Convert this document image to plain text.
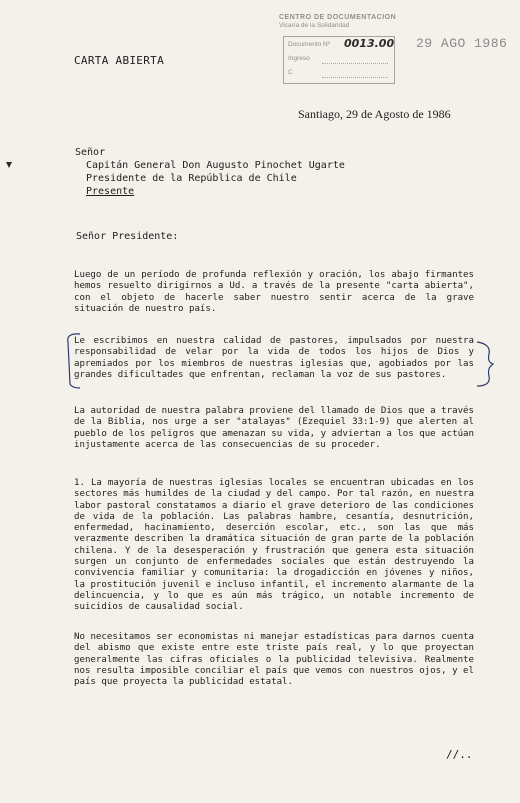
CARTA ABIERTA
CENTRO DE DOCUMENTACION
Vicaría de la Solidaridad
Documento Nº 0013.00
Ingreso
C
29 AGO 1986
Santiago, 29 de Agosto de 1986
Señor
Capitán General Don Augusto Pinochet Ugarte
Presidente de la República de Chile
Presente
Señor Presidente:

Luego de un período de profunda reflexión y oración, los abajo firmantes hemos resuelto dirigirnos a Ud. a través de la presente "carta abierta", con el objeto de hacerle saber nuestro sentir acerca de la grave situación de nuestro país.

Le escribimos en nuestra calidad de pastores, impulsados por nuestra responsabilidad de velar por la vida de todos los hijos de Dios y apremiados por los miembros de nuestras iglesias que, agobiados por las grandes dificultades que enfrentan, reclaman la voz de sus pastores.

La autoridad de nuestra palabra proviene del llamado de Dios que a través de la Biblia, nos urge a ser "atalayas" (Ezequiel 33:1-9) que alerten al pueblo de los peligros que amenazan su vida, y adviertan a los que actúan injustamente acerca de las consecuencias de su proceder.

1. La mayoría de nuestras iglesias locales se encuentran ubicadas en los sectores más humildes de la ciudad y del campo. Por tal razón, en nuestra labor pastoral constatamos a diario el grave deterioro de las condiciones de vida de la población. Las palabras hambre, cesantía, desnutrición, enfermedad, hacinamiento, deserción escolar, etc., son las que más verazmente describen la dramática situación de gran parte de la población chilena. Y de la desesperación y frustración que genera esta situación surgen un conjunto de enfermedades sociales que están destruyendo la convivencia familiar y comunitaria: la drogadicción en jóvenes y niños, la prostitución juvenil e incluso infantil, el incremento alarmante de la delincuencia, y lo que es aún más trágico, un notable incremento de suicidios de causalidad social.

No necesitamos ser economistas ni manejar estadísticas para darnos cuenta del abismo que existe entre este triste país real, y lo que proyectan generalmente las cifras oficiales o la publicidad televisiva. Realmente nos resulta imposible conciliar el país que vemos con nuestros ojos, y el país que proyecta la publicidad estatal.

//..
